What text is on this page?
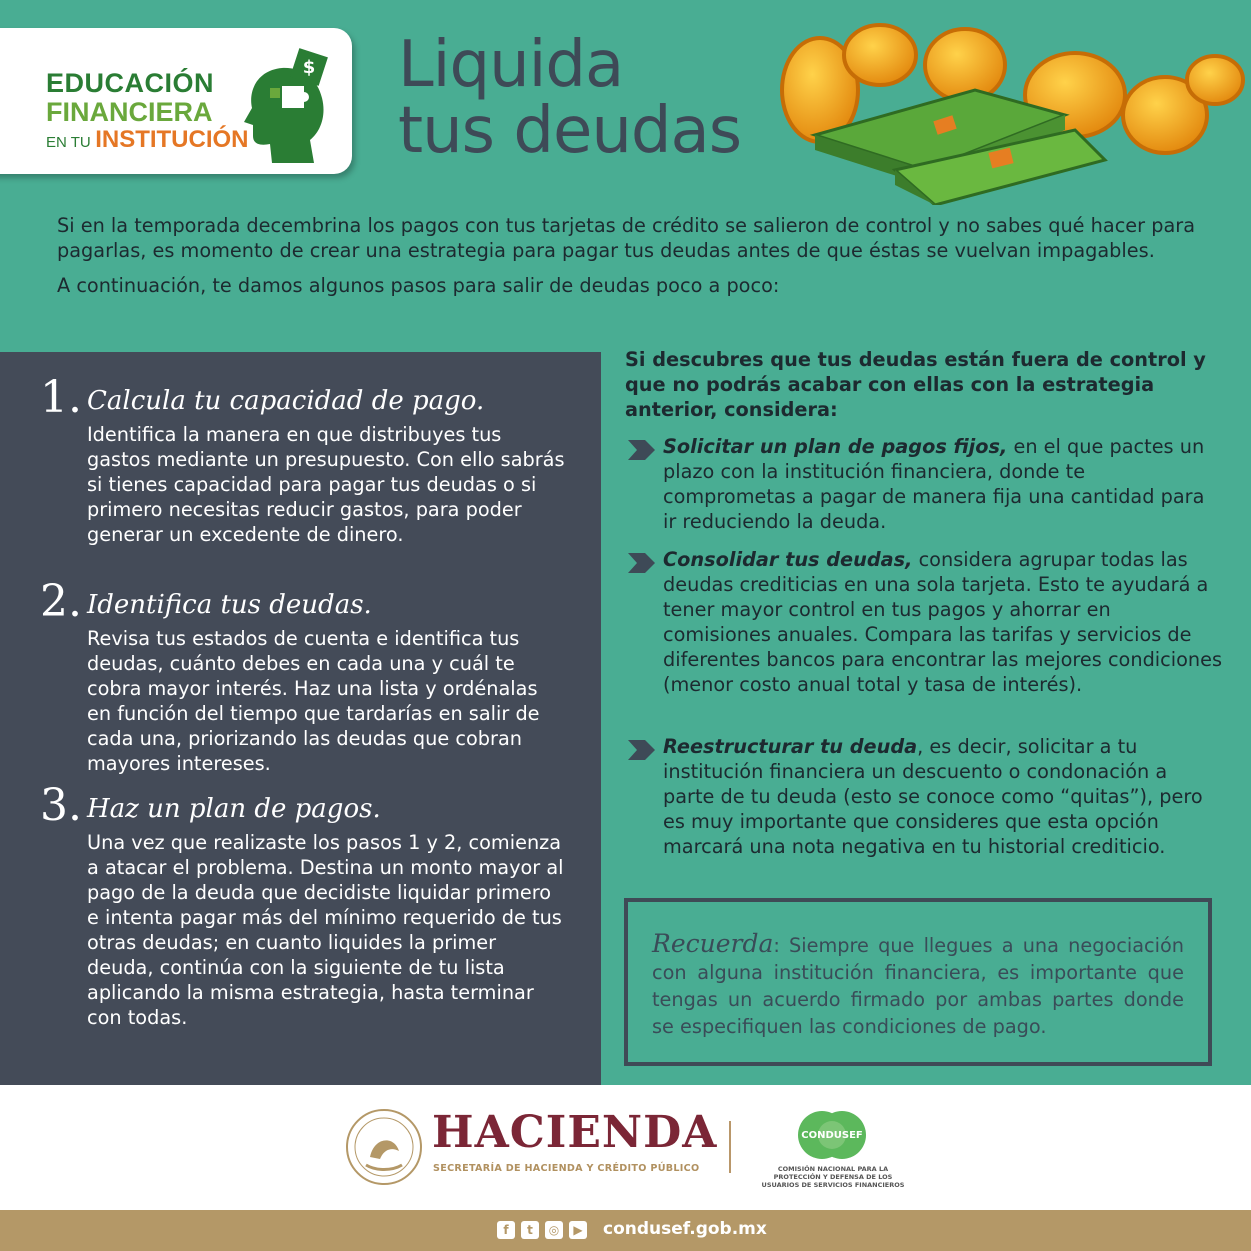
EDUCACIÓN
FINANCIERA
EN TU INSTITUCIÓN
$ Liquida
tus deudas

Si en la temporada decembrina los pagos con tus tarjetas de crédito se salieron de control y no sabes qué hacer para pagarlas, es momento de crear una estrategia para pagar tus deudas antes de que éstas se vuelvan impagables.

A continuación, te damos algunos pasos para salir de deudas poco a poco:

1. Calcula tu capacidad de pago.
Identifica la manera en que distribuyes tus gastos mediante un presupuesto. Con ello sabrás si tienes capacidad para pagar tus deudas o si primero necesitas reducir gastos, para poder generar un excedente de dinero.
2. Identifica tus deudas.
Revisa tus estados de cuenta e identifica tus deudas, cuánto debes en cada una y cuál te cobra mayor interés. Haz una lista y ordénalas en función del tiempo que tardarías en salir de cada una, priorizando las deudas que cobran mayores intereses.
3. Haz un plan de pagos.
Una vez que realizaste los pasos 1 y 2, comienza a atacar el problema. Destina un monto mayor al pago de la deuda que decidiste liquidar primero e intenta pagar más del mínimo requerido de tus otras deudas; en cuanto liquides la primer deuda, continúa con la siguiente de tu lista aplicando la misma estrategia, hasta terminar con todas.
Si descubres que tus deudas están fuera de control y que no podrás acabar con ellas con la estrategia anterior, considera:
Solicitar un plan de pagos fijos, en el que pactes un plazo con la institución financiera, donde te comprometas a pagar de manera fija una cantidad para ir reduciendo la deuda.
Consolidar tus deudas, considera agrupar todas las deudas crediticias en una sola tarjeta. Esto te ayudará a tener mayor control en tus pagos y ahorrar en comisiones anuales. Compara las tarifas y servicios de diferentes bancos para encontrar las mejores condiciones (menor costo anual total y tasa de interés).
Reestructurar tu deuda, es decir, solicitar a tu institución financiera un descuento o condonación a parte de tu deuda (esto se conoce como “quitas”), pero es muy importante que consideres que esta opción marcará una nota negativa en tu historial crediticio.
Recuerda: Siempre que llegues a una negociación con alguna institución financiera, es importante que tengas un acuerdo firmado por ambas partes donde se especifiquen las condiciones de pago.
HACIENDA
SECRETARÍA DE HACIENDA Y CRÉDITO PÚBLICO
CONDUSEF
COMISIÓN NACIONAL PARA LA PROTECCIÓN Y DEFENSA DE LOS USUARIOS DE SERVICIOS FINANCIEROS
f	t	◎	▶ condusef.gob.mx
